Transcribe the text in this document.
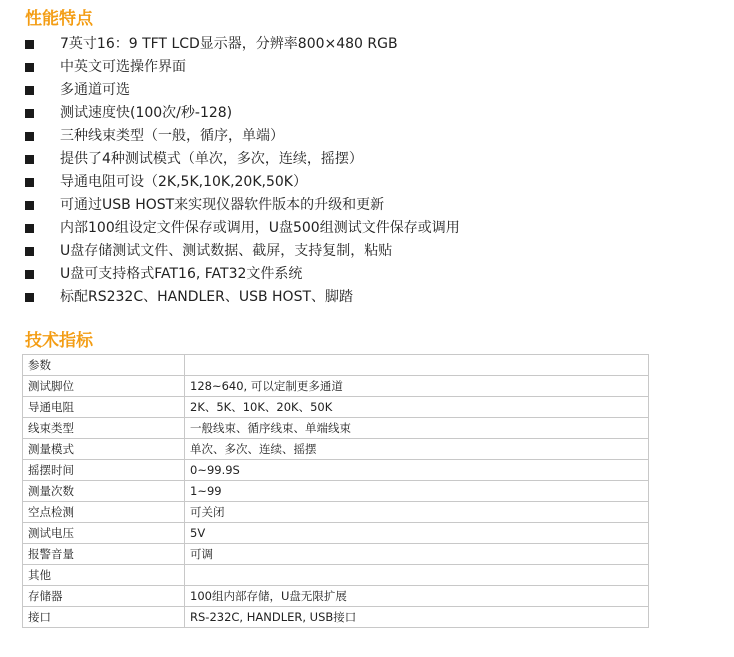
性能特点
7英寸16：9 TFT LCD显示器，分辨率800×480 RGB
中英文可选操作界面
多通道可选
测试速度快(100次/秒-128)
三种线束类型（一般，循序，单端）
提供了4种测试模式（单次，多次，连续，摇摆）
导通电阻可设（2K,5K,10K,20K,50K）
可通过USB HOST来实现仪器软件版本的升级和更新
内部100组设定文件保存或调用，U盘500组测试文件保存或调用
U盘存储测试文件、测试数据、截屏，支持复制，粘贴
U盘可支持格式FAT16, FAT32文件系统
标配RS232C、HANDLER、USB HOST、脚踏
技术指标
参数	
测试脚位	128~640, 可以定制更多通道
导通电阻	2K、5K、10K、20K、50K
线束类型	一般线束、循序线束、单端线束
测量模式	单次、多次、连续、摇摆
摇摆时间	0~99.9S
测量次数	1~99
空点检测	可关闭
测试电压	5V
报警音量	可调
其他	
存储器	100组内部存储，U盘无限扩展
接口	RS-232C, HANDLER, USB接口
